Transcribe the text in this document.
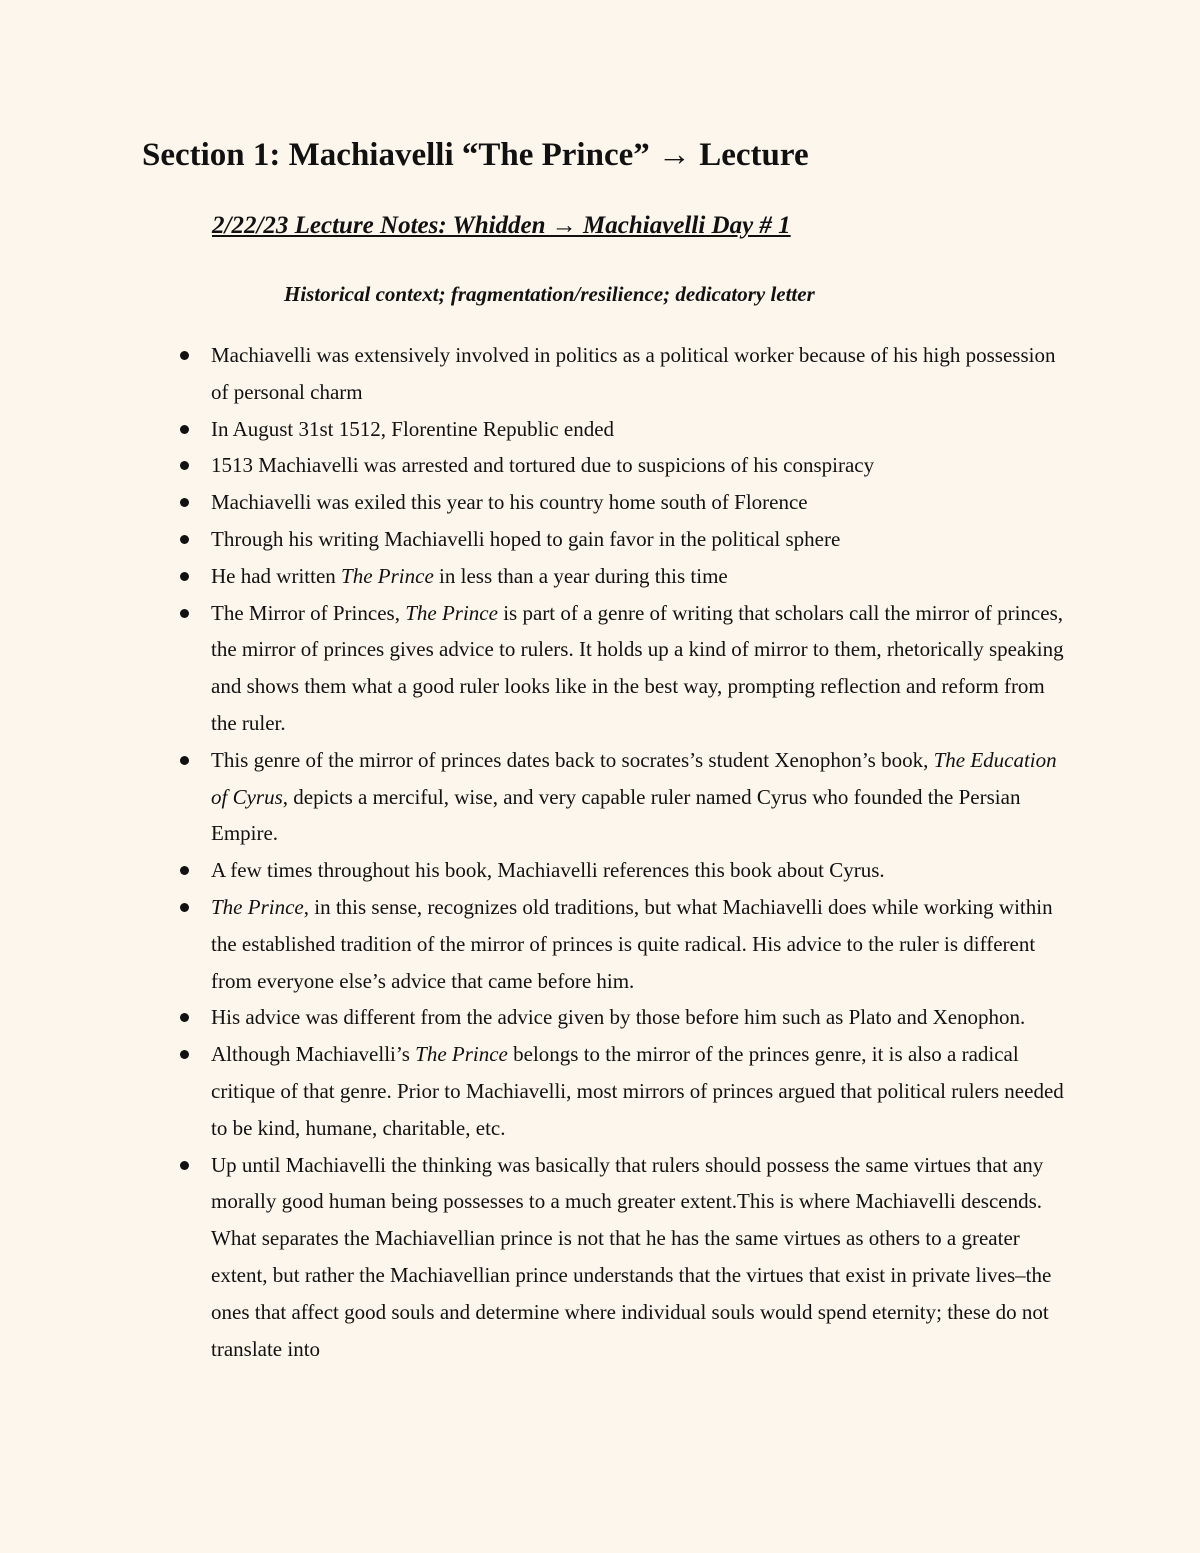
Section 1: Machiavelli “The Prince” → Lecture
2/22/23 Lecture Notes: Whidden → Machiavelli Day # 1
Historical context; fragmentation/resilience; dedicatory letter
Machiavelli was extensively involved in politics as a political worker because of his high possession of personal charm
In August 31st 1512, Florentine Republic ended
1513 Machiavelli was arrested and tortured due to suspicions of his conspiracy
Machiavelli was exiled this year to his country home south of Florence
Through his writing Machiavelli hoped to gain favor in the political sphere
He had written The Prince in less than a year during this time
The Mirror of Princes, The Prince is part of a genre of writing that scholars call the mirror of princes, the mirror of princes gives advice to rulers. It holds up a kind of mirror to them, rhetorically speaking and shows them what a good ruler looks like in the best way, prompting reflection and reform from the ruler.
This genre of the mirror of princes dates back to socrates’s student Xenophon’s book, The Education of Cyrus, depicts a merciful, wise, and very capable ruler named Cyrus who founded the Persian Empire.
A few times throughout his book, Machiavelli references this book about Cyrus.
The Prince, in this sense, recognizes old traditions, but what Machiavelli does while working within the established tradition of the mirror of princes is quite radical. His advice to the ruler is different from everyone else’s advice that came before him.
His advice was different from the advice given by those before him such as Plato and Xenophon.
Although Machiavelli’s The Prince belongs to the mirror of the princes genre, it is also a radical critique of that genre. Prior to Machiavelli, most mirrors of princes argued that political rulers needed to be kind, humane, charitable, etc.
Up until Machiavelli the thinking was basically that rulers should possess the same virtues that any morally good human being possesses to a much greater extent.This is where Machiavelli descends. What separates the Machiavellian prince is not that he has the same virtues as others to a greater extent, but rather the Machiavellian prince understands that the virtues that exist in private lives–the ones that affect good souls and determine where individual souls would spend eternity; these do not translate into
